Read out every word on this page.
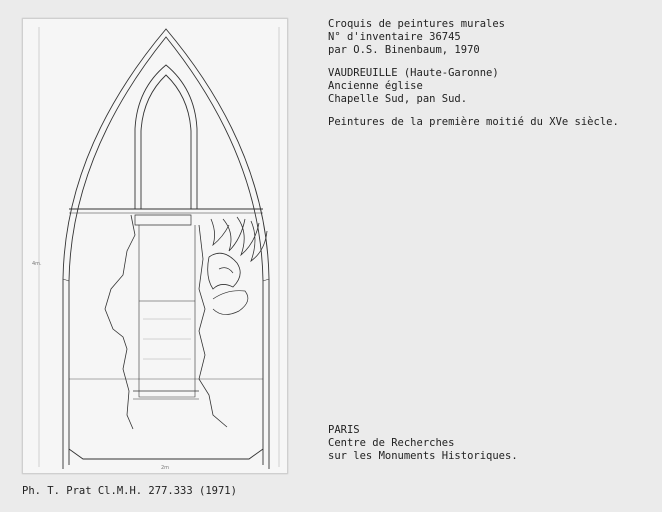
4m.
2m
Croquis de peintures murales
N° d'inventaire 36745
par O.S. Binenbaum, 1970
VAUDREUILLE (Haute-Garonne)
Ancienne église
Chapelle Sud, pan Sud.
Peintures de la première moitié du XVe siècle.
PARIS
Centre de Recherches
sur les Monuments Historiques.
Ph. T. Prat Cl.M.H. 277.333 (1971)
